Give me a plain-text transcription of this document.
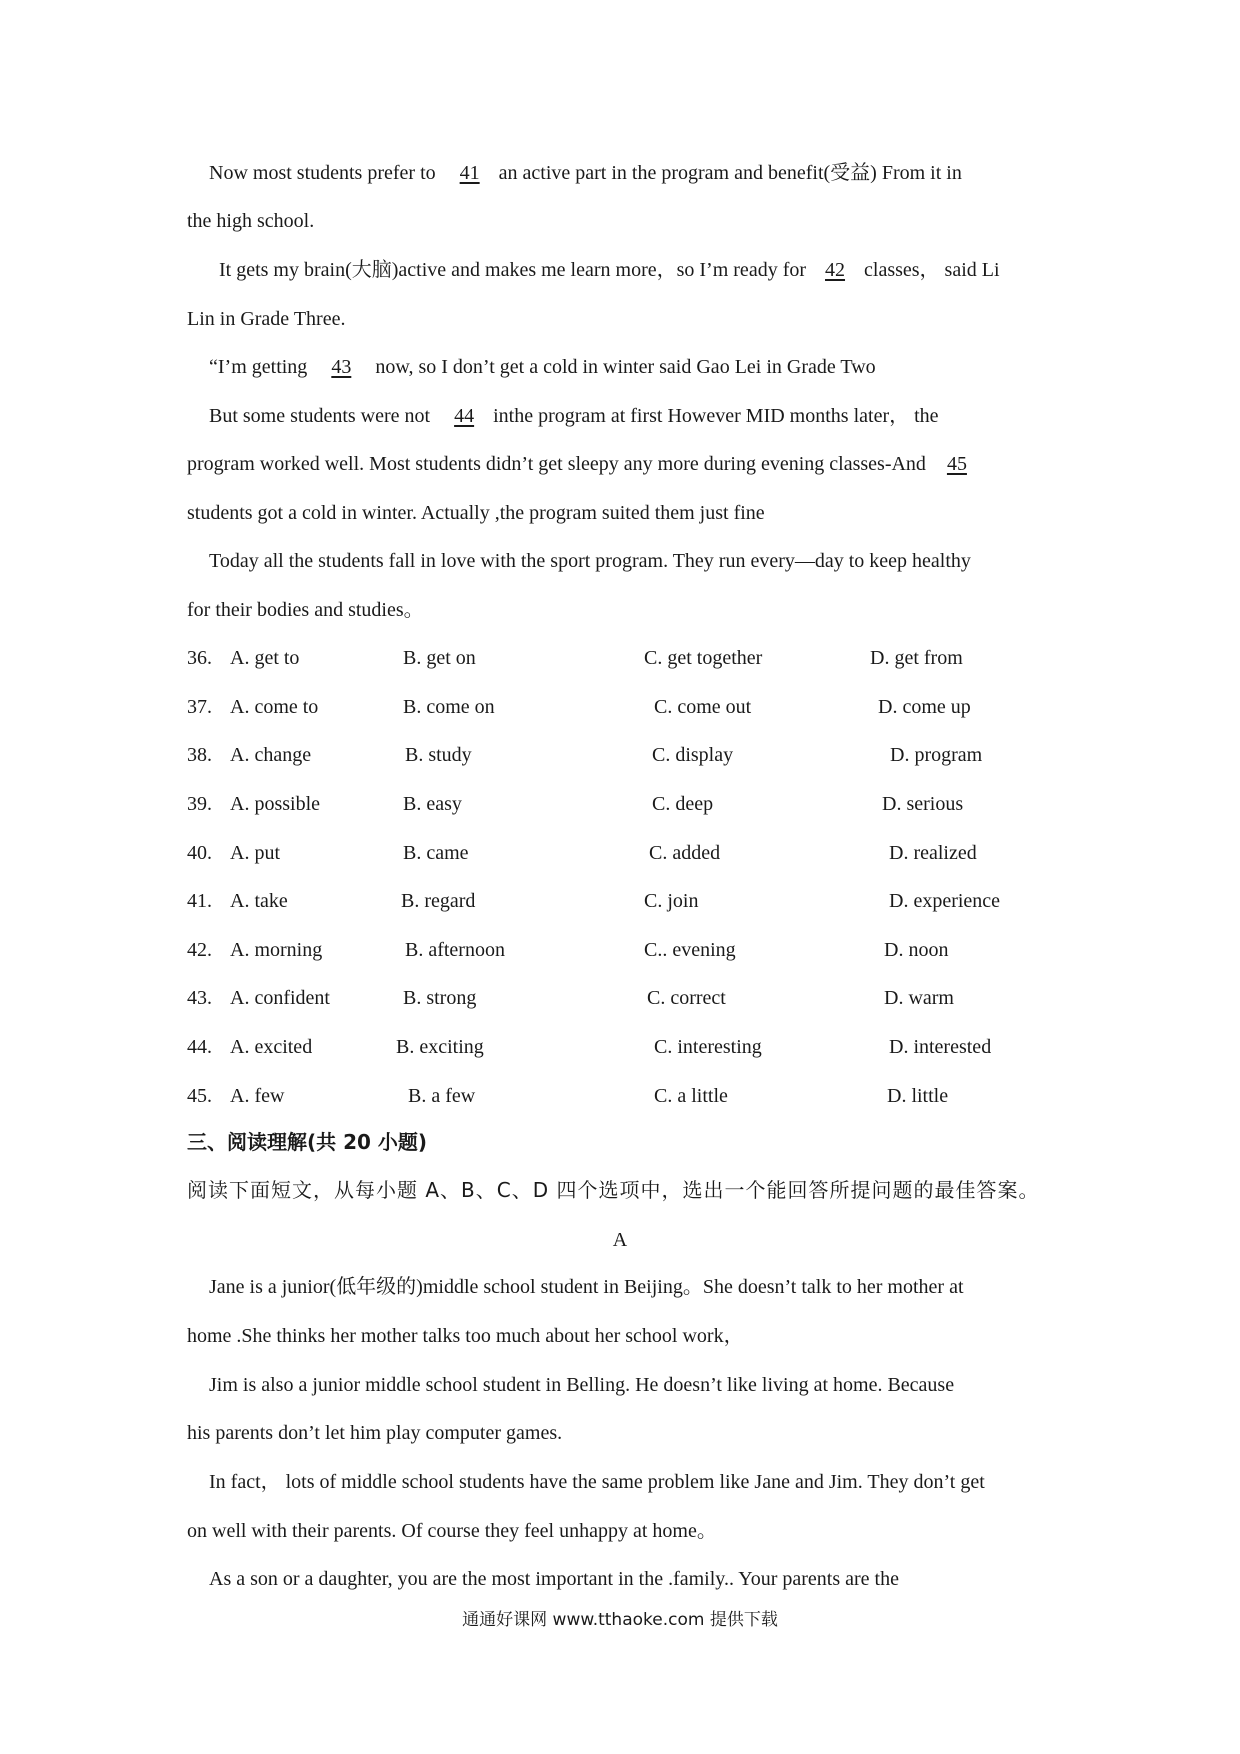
Now most students prefer to 41 an active part in the program and benefit(受益) From it in
the high school.
It gets my brain(大脑)active and makes me learn more，so I’m ready for 42 classes， said Li
Lin in Grade Three.
“I’m getting 43 now, so I don’t get a cold in winter said Gao Lei in Grade Two
But some students were not 44 inthe program at first However MID months later， the
program worked well. Most students didn’t get sleepy any more during evening classes-And 45
students got a cold in winter. Actually ,the program suited them just fine
Today all the students fall in love with the sport program. They run every—day to keep healthy
for their bodies and studies。
36. A. get to	B. get on	C. get together	D. get from
37. A. come to	B. come on	C. come out	D. come up
38. A. change	B. study	C. display	D. program
39. A. possible	B. easy	C. deep	D. serious
40. A. put	B. came	C. added	D. realized
41. A. take	B. regard	C. join	D. experience
42. A. morning	B. afternoon	C.. evening	D. noon
43. A. confident	B. strong	C. correct	D. warm
44. A. excited	B. exciting	C. interesting	D. interested
45. A. few	B. a few	C. a little	D. little
三、阅读理解(共 20 小题)
阅读下面短文，从每小题 A、B、C、D 四个选项中，选出一个能回答所提问题的最佳答案。
A
Jane is a junior(低年级的)middle school student in Beijing。She doesn’t talk to her mother at
home .She thinks her mother talks too much about her school work，
Jim is also a junior middle school student in Belling. He doesn’t like living at home. Because
his parents don’t let him play computer games.
In fact， lots of middle school students have the same problem like Jane and Jim. They don’t get
on well with their parents. Of course they feel unhappy at home。
As a son or a daughter, you are the most important in the .family.. Your parents are the
通通好课网 www.tthaoke.com 提供下载
